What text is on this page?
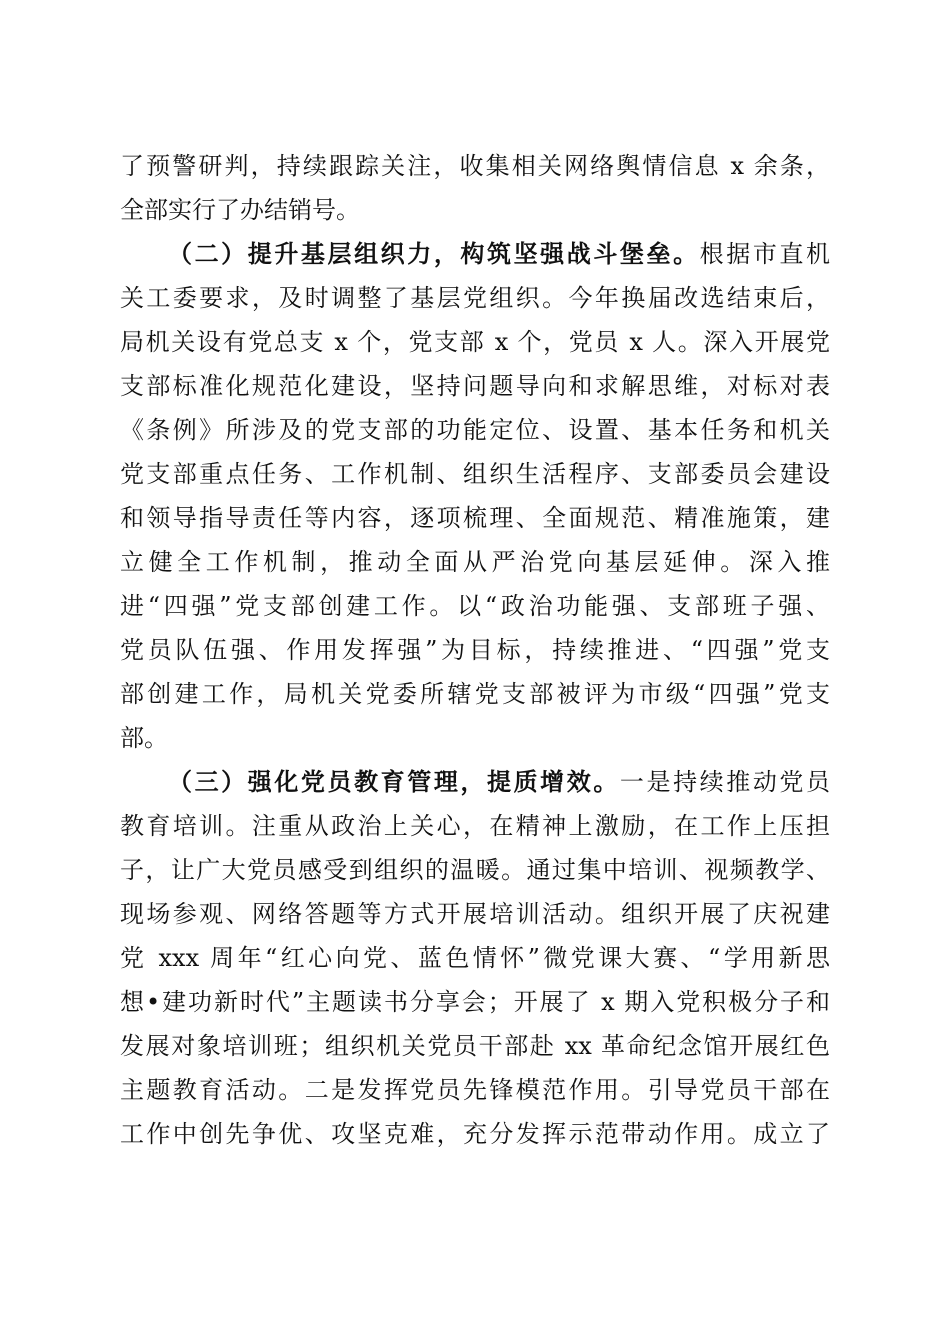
了预警研判，持续跟踪关注，收集相关网络舆情信息 x 余条，
全部实行了办结销号。
（二）提升基层组织力，构筑坚强战斗堡垒。根据市直机
关工委要求，及时调整了基层党组织。今年换届改选结束后，
局机关设有党总支 x 个，党支部 x 个，党员 x 人。深入开展党
支部标准化规范化建设，坚持问题导向和求解思维，对标对表
《条例》所涉及的党支部的功能定位、设置、基本任务和机关
党支部重点任务、工作机制、组织生活程序、支部委员会建设
和领导指导责任等内容，逐项梳理、全面规范、精准施策，建
立健全工作机制，推动全面从严治党向基层延伸。深入推
进“四强”党支部创建工作。以“政治功能强、支部班子强、
党员队伍强、作用发挥强”为目标，持续推进、“四强”党支
部创建工作，局机关党委所辖党支部被评为市级“四强”党支
部。
（三）强化党员教育管理，提质增效。一是持续推动党员
教育培训。注重从政治上关心，在精神上激励，在工作上压担
子，让广大党员感受到组织的温暖。通过集中培训、视频教学、
现场参观、网络答题等方式开展培训活动。组织开展了庆祝建
党 xxx 周年“红心向党、蓝色情怀”微党课大赛、“学用新思
想•建功新时代”主题读书分享会；开展了 x 期入党积极分子和
发展对象培训班；组织机关党员干部赴 xx 革命纪念馆开展红色
主题教育活动。二是发挥党员先锋模范作用。引导党员干部在
工作中创先争优、攻坚克难，充分发挥示范带动作用。成立了
